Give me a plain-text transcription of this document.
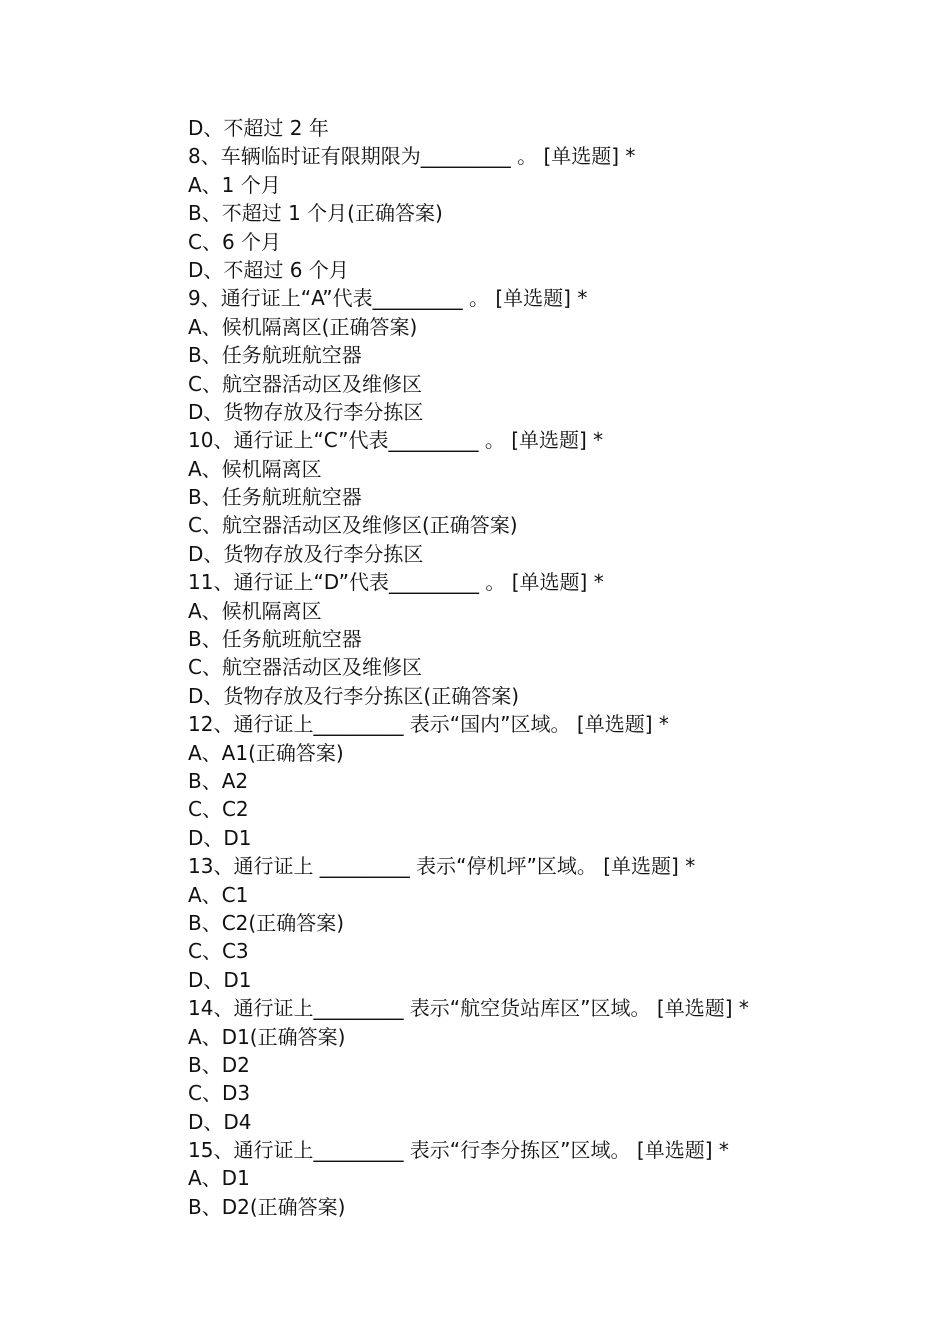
D、不超过 2 年
8、车辆临时证有限期限为_________ 。 [单选题] *
A、1 个月
B、不超过 1 个月(正确答案)
C、6 个月
D、不超过 6 个月
9、通行证上“A”代表_________ 。 [单选题] *
A、候机隔离区(正确答案)
B、任务航班航空器
C、航空器活动区及维修区
D、货物存放及行李分拣区
10、通行证上“C”代表_________ 。 [单选题] *
A、候机隔离区
B、任务航班航空器
C、航空器活动区及维修区(正确答案)
D、货物存放及行李分拣区
11、通行证上“D”代表_________ 。 [单选题] *
A、候机隔离区
B、任务航班航空器
C、航空器活动区及维修区
D、货物存放及行李分拣区(正确答案)
12、通行证上_________ 表示“国内”区域。 [单选题] *
A、A1(正确答案)
B、A2
C、C2
D、D1
13、通行证上 _________ 表示“停机坪”区域。 [单选题] *
A、C1
B、C2(正确答案)
C、C3
D、D1
14、通行证上_________ 表示“航空货站库区”区域。 [单选题] *
A、D1(正确答案)
B、D2
C、D3
D、D4
15、通行证上_________ 表示“行李分拣区”区域。 [单选题] *
A、D1
B、D2(正确答案)
